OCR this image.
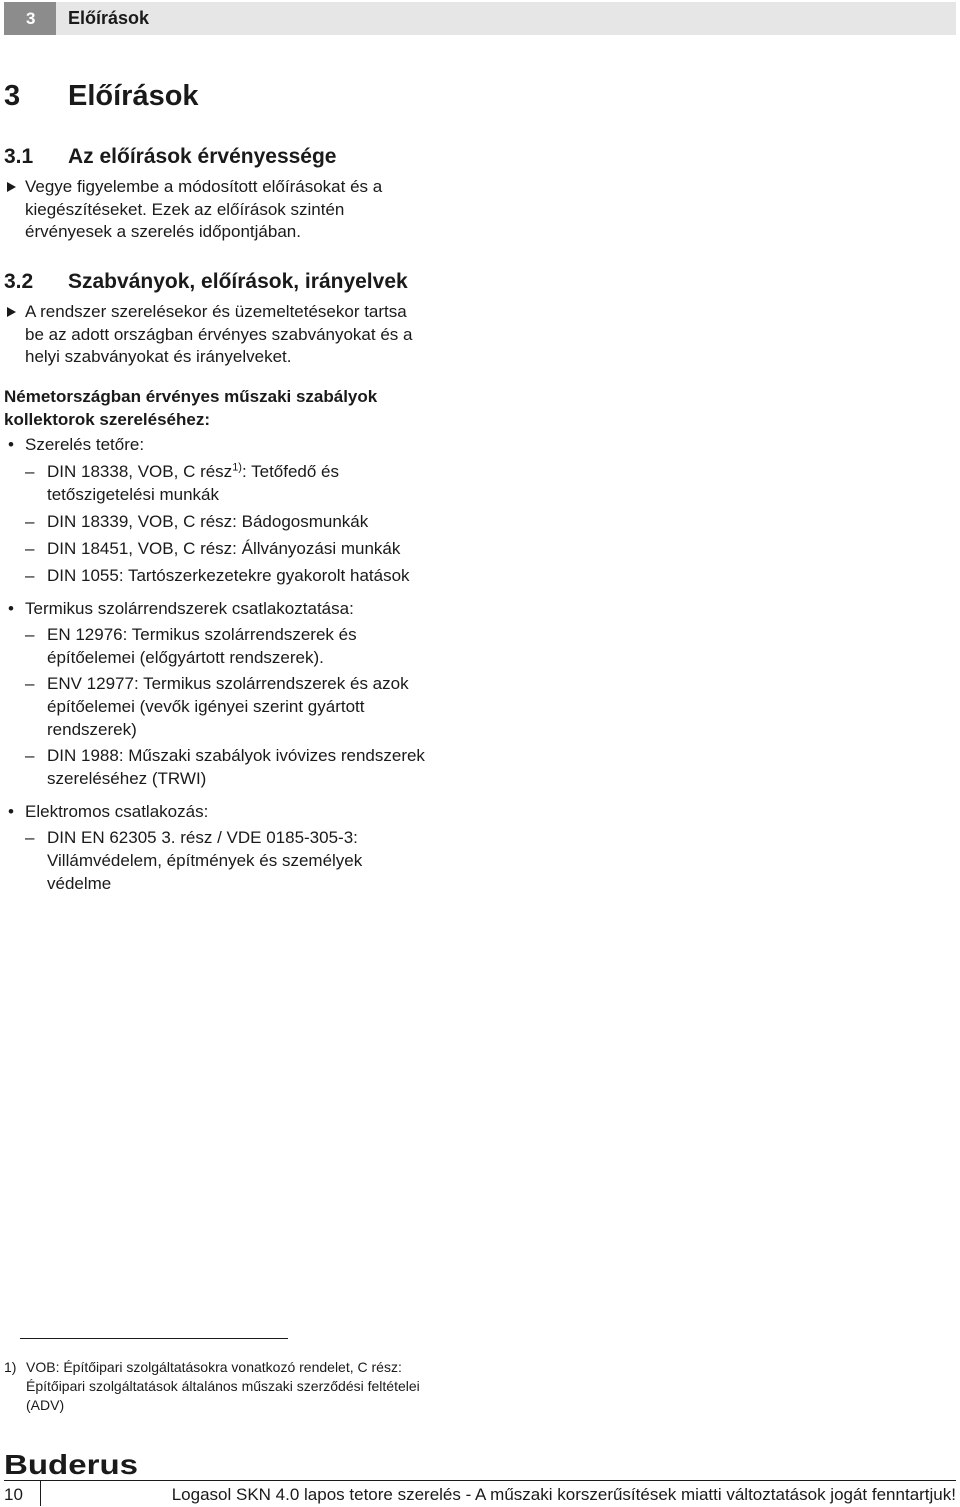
3	Előírások
3 Előírások
3.1 Az előírások érvényessége
Vegye figyelembe a módosított előírásokat és a
kiegészítéseket. Ezek az előírások szintén
érvényesek a szerelés időpontjában.
3.2 Szabványok, előírások, irányelvek
A rendszer szerelésekor és üzemeltetésekor tartsa
be az adott országban érvényes szabványokat és a
helyi szabványokat és irányelveket.
Németországban érvényes műszaki szabályok
kollektorok szereléséhez:
• Szerelés tetőre:
– DIN 18338, VOB, C rész$^{1)}$: Tetőfedő és
tetőszigetelési munkák
– DIN 18339, VOB, C rész: Bádogosmunkák
– DIN 18451, VOB, C rész: Állványozási munkák
– DIN 1055: Tartószerkezetekre gyakorolt hatások
• Termikus szolárrendszerek csatlakoztatása:
– EN 12976: Termikus szolárrendszerek és
építőelemei (előgyártott rendszerek).
– ENV 12977: Termikus szolárrendszerek és azok
építőelemei (vevők igényei szerint gyártott
rendszerek)
– DIN 1988: Műszaki szabályok ivóvizes rendszerek
szereléséhez (TRWI)
• Elektromos csatlakozás:
– DIN EN 62305 3. rész / VDE 0185-305-3:
Villámvédelem, építmények és személyek
védelme
1) VOB: Építőipari szolgáltatásokra vonatkozó rendelet, C rész:
Építőipari szolgáltatások általános műszaki szerződési feltételei
(ADV)
Buderus
10	Logasol SKN 4.0 lapos tetore szerelés - A műszaki korszerűsítések miatti változtatások jogát fenntartjuk!
